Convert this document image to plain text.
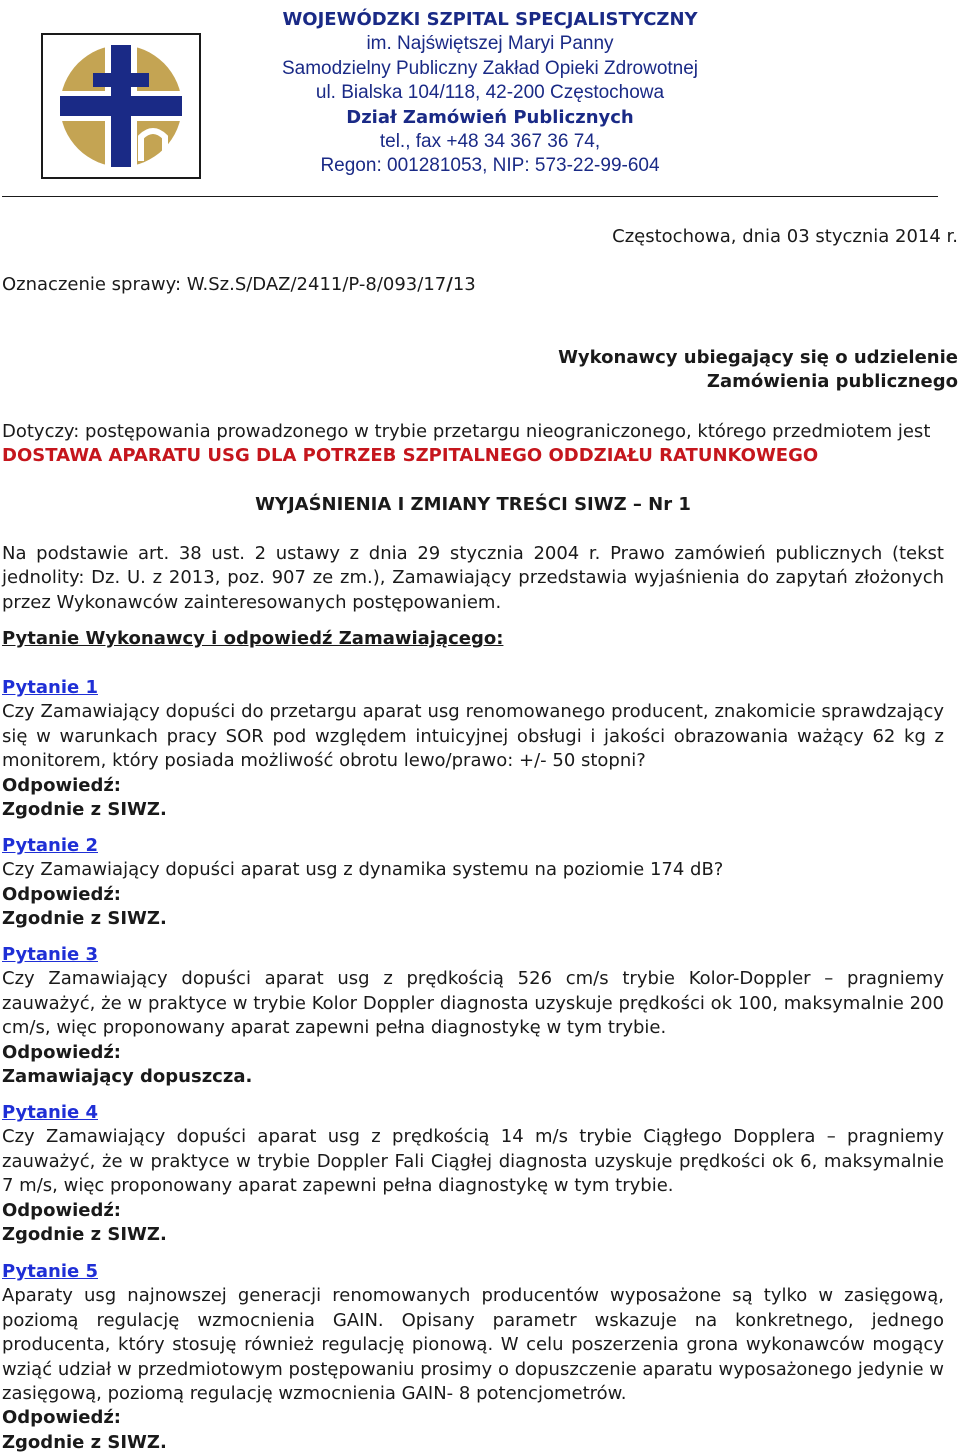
WOJEWÓDZKI SZPITAL SPECJALISTYCZNY
im. Najświętszej Maryi Panny
Samodzielny Publiczny Zakład Opieki Zdrowotnej
ul. Bialska 104/118, 42-200 Częstochowa
Dział Zamówień Publicznych
tel., fax +48 34 367 36 74,
Regon: 001281053, NIP: 573-22-99-604
Częstochowa, dnia 03 stycznia 2014 r.
Oznaczenie sprawy: W.Sz.S/DAZ/2411/P-8/093/17/13
Wykonawcy ubiegający się o udzielenie
Zamówienia publicznego

Dotyczy: postępowania prowadzonego w trybie przetargu nieograniczonego, którego przedmiotem jest

DOSTAWA APARATU USG DLA POTRZEB SZPITALNEGO ODDZIAŁU RATUNKOWEGO

WYJAŚNIENIA I ZMIANY TREŚCI SIWZ – Nr 1
Na podstawie art. 38 ust. 2 ustawy z dnia 29 stycznia 2004 r. Prawo zamówień publicznych (tekst jednolity: Dz. U. z 2013, poz. 907 ze zm.), Zamawiający przedstawia wyjaśnienia do zapytań złożonych przez Wykonawców zainteresowanych postępowaniem.
Pytanie Wykonawcy i odpowiedź Zamawiającego:

Pytanie 1

Czy Zamawiający dopuści do przetargu aparat usg renomowanego producent, znakomicie sprawdzający się w warunkach pracy SOR pod względem intuicyjnej obsługi i jakości obrazowania ważący 62 kg z monitorem, który posiada możliwość obrotu lewo/prawo: +/- 50 stopni?

Odpowiedź:

Zgodnie z SIWZ.

Pytanie 2

Czy Zamawiający dopuści aparat usg z dynamika systemu na poziomie 174 dB?

Odpowiedź:

Zgodnie z SIWZ.

Pytanie 3

Czy Zamawiający dopuści aparat usg z prędkością 526 cm/s trybie Kolor-Doppler – pragniemy zauważyć, że w praktyce w trybie Kolor Doppler diagnosta uzyskuje prędkości ok 100, maksymalnie 200 cm/s, więc proponowany aparat zapewni pełna diagnostykę w tym trybie.

Odpowiedź:

Zamawiający dopuszcza.

Pytanie 4

Czy Zamawiający dopuści aparat usg z prędkością 14 m/s trybie Ciągłego Dopplera – pragniemy zauważyć, że w praktyce w trybie Doppler Fali Ciągłej diagnosta uzyskuje prędkości ok 6, maksymalnie 7 m/s, więc proponowany aparat zapewni pełna diagnostykę w tym trybie.

Odpowiedź:

Zgodnie z SIWZ.

Pytanie 5

Aparaty usg najnowszej generacji renomowanych producentów wyposażone są tylko w zasięgową, poziomą regulację wzmocnienia GAIN. Opisany parametr wskazuje na konkretnego, jednego producenta, który stosuję również regulację pionową. W celu poszerzenia grona wykonawców mogący wziąć udział w przedmiotowym postępowaniu prosimy o dopuszczenie aparatu wyposażonego jedynie w zasięgową, poziomą regulację wzmocnienia GAIN- 8 potencjometrów.

Odpowiedź:

Zgodnie z SIWZ.
